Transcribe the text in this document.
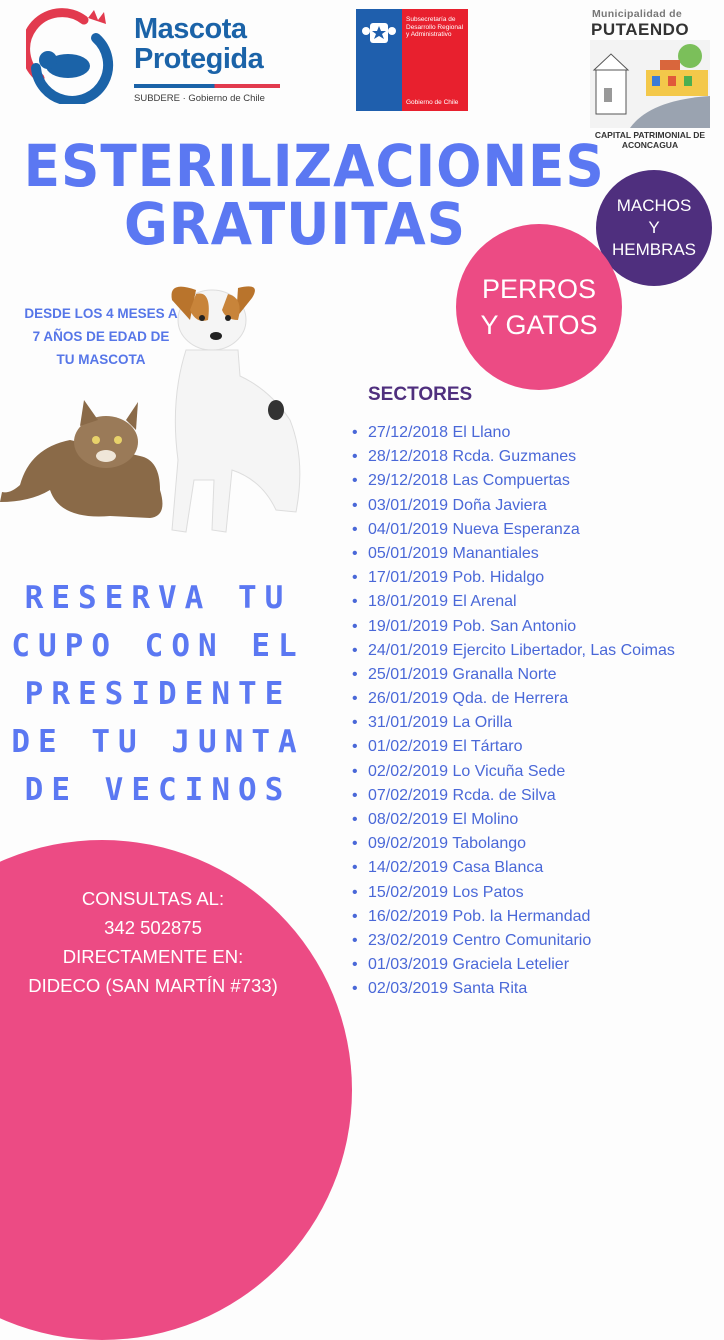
Mascota
Protegida
SUBDERE · Gobierno de Chile
Subsecretaría de Desarrollo Regional y Administrativo
Gobierno de Chile
Municipalidad de
PUTAENDO
CAPITAL PATRIMONIAL DE ACONCAGUA
ESTERILIZACIONES
GRATUITAS	MACHOS Y HEMBRAS
PERROS Y GATOS
DESDE LOS 4 MESES A 7 AÑOS DE EDAD DE TU MASCOTA
RESERVA TU
CUPO CON EL
PRESIDENTE
DE TU JUNTA
DE VECINOS
SECTORES
• 27/12/2018 El Llano
• 28/12/2018 Rcda. Guzmanes
• 29/12/2018 Las Compuertas
• 03/01/2019 Doña Javiera
• 04/01/2019 Nueva Esperanza
• 05/01/2019 Manantiales
• 17/01/2019 Pob. Hidalgo
• 18/01/2019 El Arenal
• 19/01/2019 Pob. San Antonio
• 24/01/2019 Ejercito Libertador, Las Coimas
• 25/01/2019 Granalla Norte
• 26/01/2019 Qda. de Herrera
• 31/01/2019 La Orilla
• 01/02/2019 El Tártaro
• 02/02/2019 Lo Vicuña Sede
• 07/02/2019 Rcda. de Silva
• 08/02/2019 El Molino
• 09/02/2019 Tabolango
• 14/02/2019 Casa Blanca
• 15/02/2019 Los Patos
• 16/02/2019 Pob. la Hermandad
• 23/02/2019 Centro Comunitario
• 01/03/2019 Graciela Letelier
• 02/03/2019 Santa Rita
CONSULTAS AL:
342 502875
DIRECTAMENTE EN:
DIDECO (SAN MARTÍN #733)
